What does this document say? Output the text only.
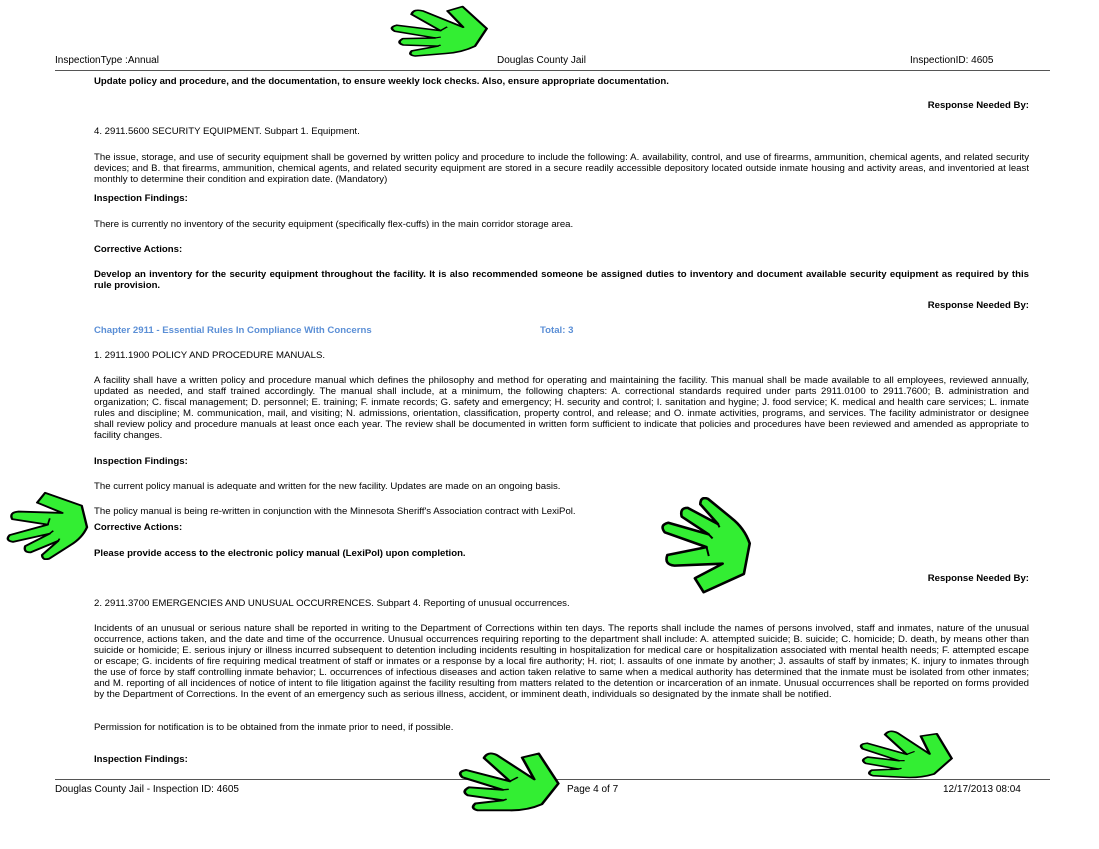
InspectionType :Annual	Douglas County Jail	InspectionID: 4605
Update policy and procedure, and the documentation, to ensure weekly lock checks. Also, ensure appropriate documentation.
Response Needed By:
4. 2911.5600 SECURITY EQUIPMENT. Subpart 1. Equipment.
The issue, storage, and use of security equipment shall be governed by written policy and procedure to include the following: A. availability, control, and use of firearms, ammunition, chemical agents, and related security devices; and B. that firearms, ammunition, chemical agents, and related security equipment are stored in a secure readily accessible depository located outside inmate housing and activity areas, and inventoried at least monthly to determine their condition and expiration date. (Mandatory)
Inspection Findings:
There is currently no inventory of the security equipment (specifically flex-cuffs) in the main corridor storage area.
Corrective Actions:
Develop an inventory for the security equipment throughout the facility. It is also recommended someone be assigned duties to inventory and document available security equipment as required by this rule provision.
Response Needed By:
Chapter 2911 - Essential Rules In Compliance With Concerns	Total: 3
1. 2911.1900 POLICY AND PROCEDURE MANUALS.
A facility shall have a written policy and procedure manual which defines the philosophy and method for operating and maintaining the facility. This manual shall be made available to all employees, reviewed annually, updated as needed, and staff trained accordingly. The manual shall include, at a minimum, the following chapters: A. correctional standards required under parts 2911.0100 to 2911.7600; B. administration and organization; C. fiscal management; D. personnel; E. training; F. inmate records; G. safety and emergency; H. security and control; I. sanitation and hygine; J. food service; K. medical and health care services; L. inmate rules and discipline; M. communication, mail, and visiting; N. admissions, orientation, classification, property control, and release; and O. inmate activities, programs, and services. The facility administrator or designee shall review policy and procedure manuals at least once each year. The review shall be documented in written form sufficient to indicate that policies and procedures have been reviewed and amended as appropriate to facility changes.
Inspection Findings:
The current policy manual is adequate and written for the new facility. Updates are made on an ongoing basis.
The policy manual is being re-written in conjunction with the Minnesota Sheriff's Association contract with LexiPol.
Corrective Actions:
Please provide access to the electronic policy manual (LexiPol) upon completion.
Response Needed By:
2. 2911.3700 EMERGENCIES AND UNUSUAL OCCURRENCES. Subpart 4. Reporting of unusual occurrences.
Incidents of an unusual or serious nature shall be reported in writing to the Department of Corrections within ten days. The reports shall include the names of persons involved, staff and inmates, nature of the unusual occurrence, actions taken, and the date and time of the occurrence. Unusual occurrences requiring reporting to the department shall include: A. attempted suicide; B. suicide; C. homicide; D. death, by means other than suicide or homicide; E. serious injury or illness incurred subsequent to detention including incidents resulting in hospitalization for medical care or hospitalization associated with mental health needs; F. attempted escape or escape; G. incidents of fire requiring medical treatment of staff or inmates or a response by a local fire authority; H. riot; I. assaults of one inmate by another; J. assaults of staff by inmates; K. injury to inmates through the use of force by staff controlling inmate behavior; L. occurrences of infectious diseases and action taken relative to same when a medical authority has determined that the inmate must be isolated from other inmates; and M. reporting of all incidences of notice of intent to file litigation against the facility resulting from matters related to the detention or incarceration of an inmate. Unusual occurrences shall be reported on forms provided by the Department of Corrections. In the event of an emergency such as serious illness, accident, or imminent death, individuals so designated by the inmate shall be notified.
Permission for notification is to be obtained from the inmate prior to need, if possible.
Inspection Findings:
Douglas County Jail - Inspection ID: 4605	Page 4 of 7	12/17/2013 08:04
